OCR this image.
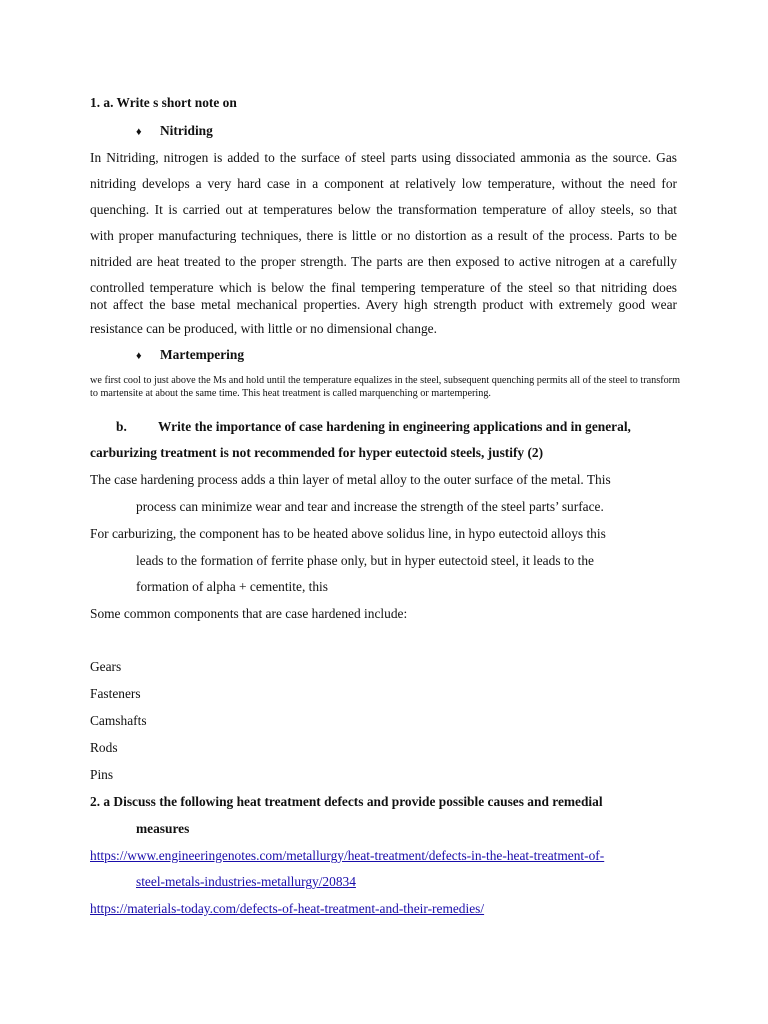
1. a. Write s short note on
♦ Nitriding
In Nitriding, nitrogen is added to the surface of steel parts using dissociated ammonia as the source. Gas
nitriding develops a very hard case in a component at relatively low temperature, without the need for
quenching. It is carried out at temperatures below the transformation temperature of alloy steels, so that
with proper manufacturing techniques, there is little or no distortion as a result of the process. Parts to be
nitrided are heat treated to the proper strength. The parts are then exposed to active nitrogen at a carefully
controlled temperature which is below the final tempering temperature of the steel so that nitriding does
not affect the base metal mechanical properties. Avery high strength product with extremely good wear
resistance can be produced, with little or no dimensional change.
♦ Martempering
we first cool to just above the Ms and hold until the temperature equalizes in the steel, subsequent quenching permits all of the steel to transform to martensite at about the same time. This heat treatment is called marquenching or martempering.
b. Write the importance of case hardening in engineering applications and in general,
carburizing treatment is not recommended for hyper eutectoid steels, justify (2)
The case hardening process adds a thin layer of metal alloy to the outer surface of the metal. This
process can minimize wear and tear and increase the strength of the steel parts’ surface.
For carburizing, the component has to be heated above solidus line, in hypo eutectoid alloys this
leads to the formation of ferrite phase only, but in hyper eutectoid steel, it leads to the
formation of alpha + cementite, this
Some common components that are case hardened include:
Gears
Fasteners
Camshafts
Rods
Pins
2. a Discuss the following heat treatment defects and provide possible causes and remedial
measures
https://www.engineeringenotes.com/metallurgy/heat-treatment/defects-in-the-heat-treatment-of-
steel-metals-industries-metallurgy/20834
https://materials-today.com/defects-of-heat-treatment-and-their-remedies/
